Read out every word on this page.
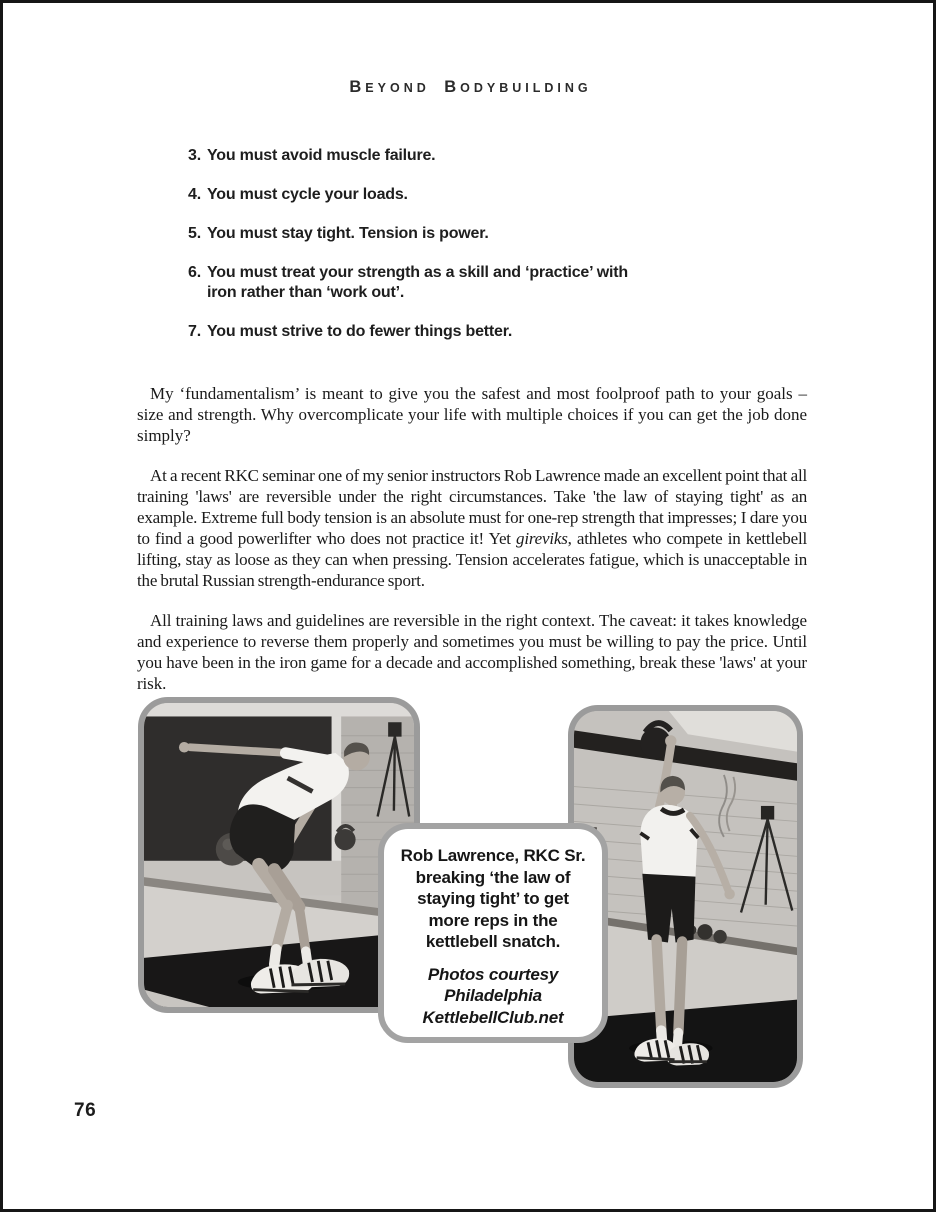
BEYOND BODYBUILDING
3. You must avoid muscle failure.
4. You must cycle your loads.
5. You must stay tight. Tension is power.
6. You must treat your strength as a skill and ‘practice’ with
iron rather than ‘work out’.
7. You must strive to do fewer things better.

My ‘fundamentalism’ is meant to give you the safest and most foolproof path to your goals – size and strength. Why overcomplicate your life with multiple choices if you can get the job done simply?

At a recent RKC seminar one of my senior instructors Rob Lawrence made an excellent point that all training 'laws' are reversible under the right circumstances. Take 'the law of staying tight' as an example. Extreme full body tension is an absolute must for one-rep strength that impresses; I dare you to find a good powerlifter who does not practice it! Yet gireviks, athletes who compete in kettlebell lifting, stay as loose as they can when pressing. Tension accelerates fatigue, which is unacceptable in the brutal Russian strength-endurance sport.

All training laws and guidelines are reversible in the right context. The caveat: it takes knowledge and experience to reverse them properly and sometimes you must be willing to pay the price. Until you have been in the iron game for a decade and accomplished something, break these 'laws' at your risk.

Rob Lawrence, RKC Sr.
breaking ‘the law of
staying tight’ to get
more reps in the
kettlebell snatch.
Photos courtesy
Philadelphia
KettlebellClub.net
76
